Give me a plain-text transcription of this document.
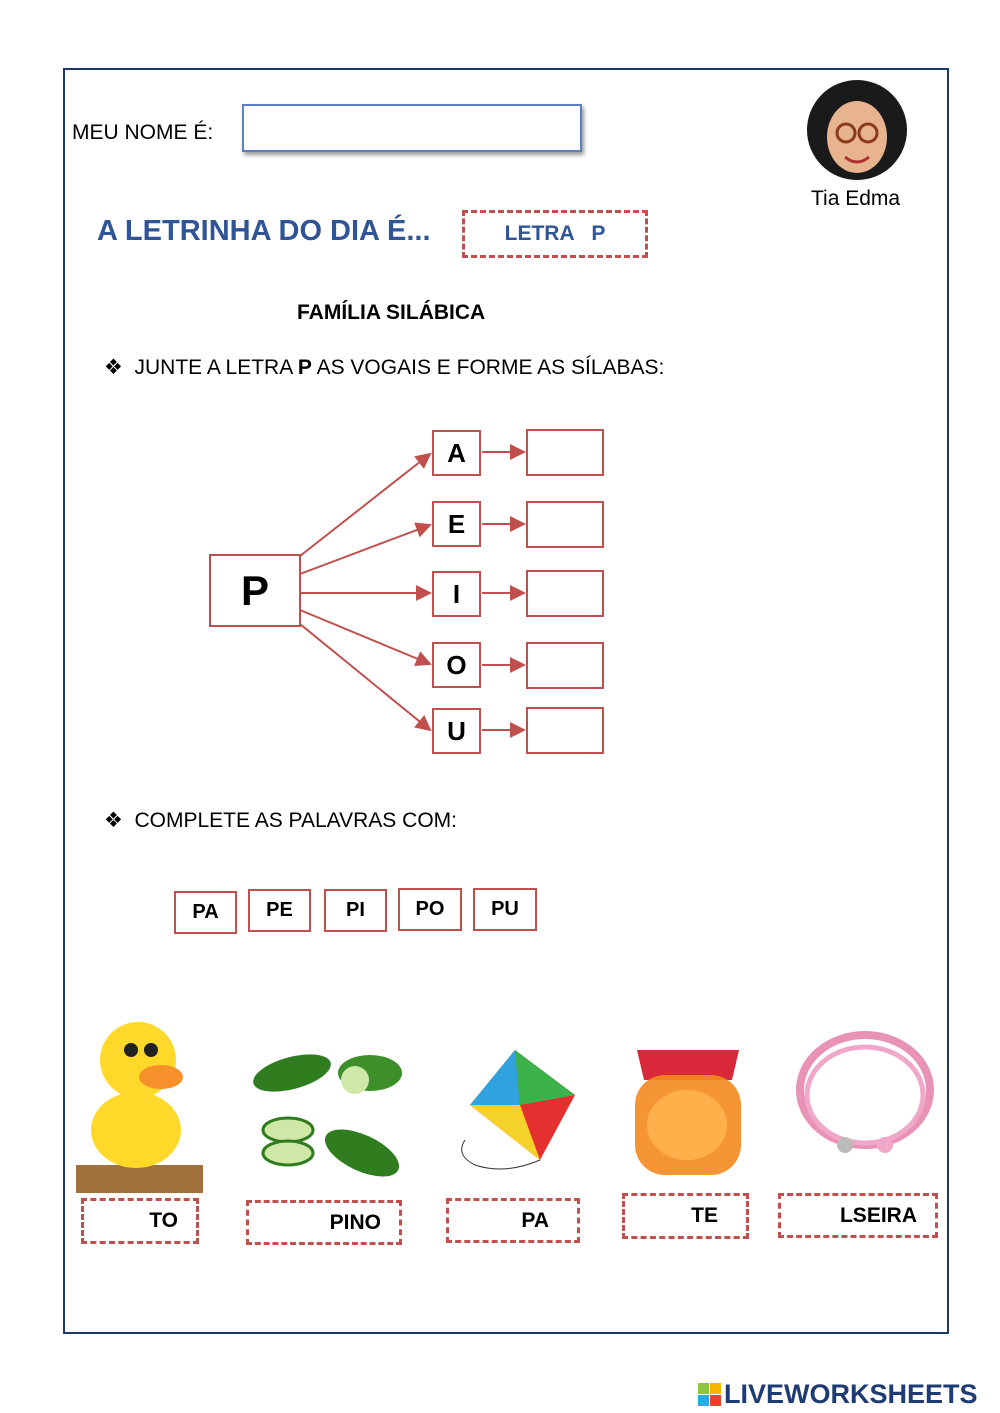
MEU NOME É:
Tia Edma
A LETRINHA DO DIA É...	LETRA   P
FAMÍLIA SILÁBICA
❖ JUNTE A LETRA P AS VOGAIS E FORME AS SÍLABAS:
P
A
E
I
O
U
❖ COMPLETE AS PALAVRAS COM:
PA	PE	PI	PO	PU
TO	PINO	PA	TE	LSEIRA
LIVEWORKSHEETS
